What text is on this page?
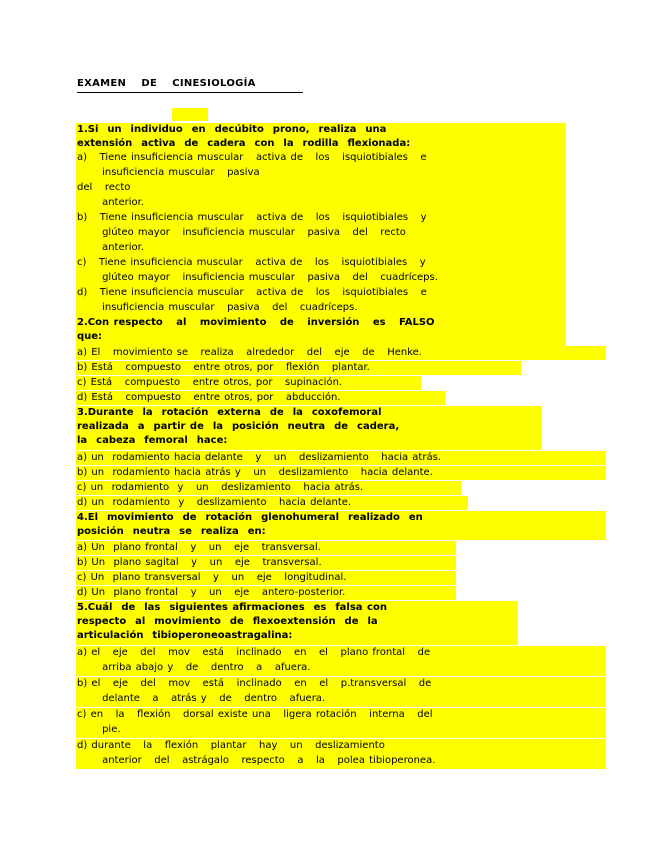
EXAMEN    DE    CINESIOLOGÍA
1.Si  un  individuo  en  decúbito  prono,  realiza  una
extensión  activa  de  cadera  con  la  rodilla  flexionada:
a)   Tiene insuficiencia muscular   activa de   los   isquiotibiales   e
insuficiencia muscular   pasiva
del   recto
anterior.
b)   Tiene insuficiencia muscular   activa de   los   isquiotibiales   y
glúteo mayor   insuficiencia muscular   pasiva   del   recto
anterior.
c)   Tiene insuficiencia muscular   activa de   los   isquiotibiales   y
glúteo mayor   insuficiencia muscular   pasiva   del   cuadríceps.
d)   Tiene insuficiencia muscular   activa de   los   isquiotibiales   e
insuficiencia muscular   pasiva   del   cuadríceps.
2.Con respecto   al   movimiento   de   inversión   es   FALSO
que:
a) El   movimiento se   realiza   alrededor   del   eje   de   Henke.
b) Está   compuesto   entre otros, por   flexión   plantar.
c) Está   compuesto   entre otros, por   supinación.
d) Está   compuesto   entre otros, por   abducción.
3.Durante  la  rotación  externa  de  la  coxofemoral
realizada  a  partir de  la  posición  neutra  de  cadera,
la  cabeza  femoral  hace:
a) un  rodamiento hacia delante   y   un   deslizamiento   hacia atrás.
b) un  rodamiento hacia atrás y   un   deslizamiento   hacia delante.
c) un  rodamiento  y   un   deslizamiento   hacia atrás.
d) un  rodamiento  y   deslizamiento   hacia delante.
4.El  movimiento  de  rotación  glenohumeral  realizado  en
posición  neutra  se  realiza  en:
a) Un  plano frontal   y   un   eje   transversal.
b) Un  plano sagital   y   un   eje   transversal.
c) Un  plano transversal   y   un   eje   longitudinal.
d) Un  plano frontal   y   un   eje   antero-posterior.
5.Cuál  de  las  siguientes afirmaciones  es  falsa con
respecto  al  movimiento  de  flexoextensión  de  la
articulación  tibioperoneoastragalina:
a) el   eje   del   mov   está   inclinado   en   el   plano frontal   de
arriba abajo y   de   dentro   a   afuera.
b) el   eje   del   mov   está   inclinado   en   el   p.transversal   de
delante   a   atrás y   de   dentro   afuera.
c) en   la   flexión   dorsal existe una   ligera rotación   interna   del
pie.
d) durante   la   flexión   plantar   hay   un   deslizamiento
anterior   del   astrágalo   respecto   a   la   polea tibioperonea.
